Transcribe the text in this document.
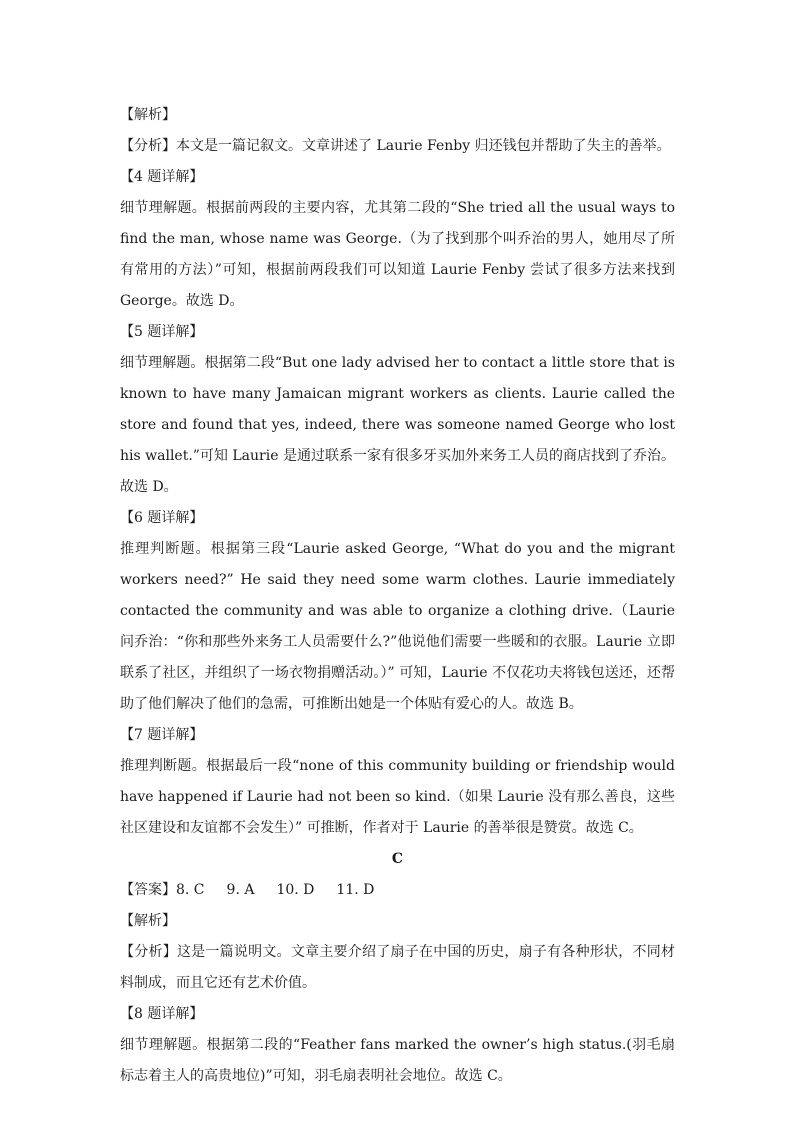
【解析】
【分析】本文是一篇记叙文。文章讲述了 Laurie Fenby 归还钱包并帮助了失主的善举。
【4 题详解】
细节理解题。根据前两段的主要内容，尤其第二段的“She tried all the usual ways to find the man, whose name was George.（为了找到那个叫乔治的男人，她用尽了所有常用的方法）”可知，根据前两段我们可以知道 Laurie Fenby 尝试了很多方法来找到 George。故选 D。
【5 题详解】
细节理解题。根据第二段“But one lady advised her to contact a little store that is known to have many Jamaican migrant workers as clients. Laurie called the store and found that yes, indeed, there was someone named George who lost his wallet.”可知 Laurie 是通过联系一家有很多牙买加外来务工人员的商店找到了乔治。故选 D。
【6 题详解】
推理判断题。根据第三段“Laurie asked George, “What do you and the migrant workers need?” He said they need some warm clothes. Laurie immediately contacted the community and was able to organize a clothing drive.（Laurie 问乔治：“你和那些外来务工人员需要什么?”他说他们需要一些暖和的衣服。Laurie 立即联系了社区，并组织了一场衣物捐赠活动。）” 可知，Laurie 不仅花功夫将钱包送还，还帮助了他们解决了他们的急需，可推断出她是一个体贴有爱心的人。故选 B。
【7 题详解】
推理判断题。根据最后一段“none of this community building or friendship would have happened if Laurie had not been so kind.（如果 Laurie 没有那么善良，这些社区建设和友谊都不会发生）” 可推断，作者对于 Laurie 的善举很是赞赏。故选 C。
C
【答案】8. C 9. A 10. D 11. D
【解析】
【分析】这是一篇说明文。文章主要介绍了扇子在中国的历史，扇子有各种形状，不同材料制成，而且它还有艺术价值。
【8 题详解】
细节理解题。根据第二段的“Feather fans marked the owner’s high status.(羽毛扇标志着主人的高贵地位)”可知，羽毛扇表明社会地位。故选 C。
